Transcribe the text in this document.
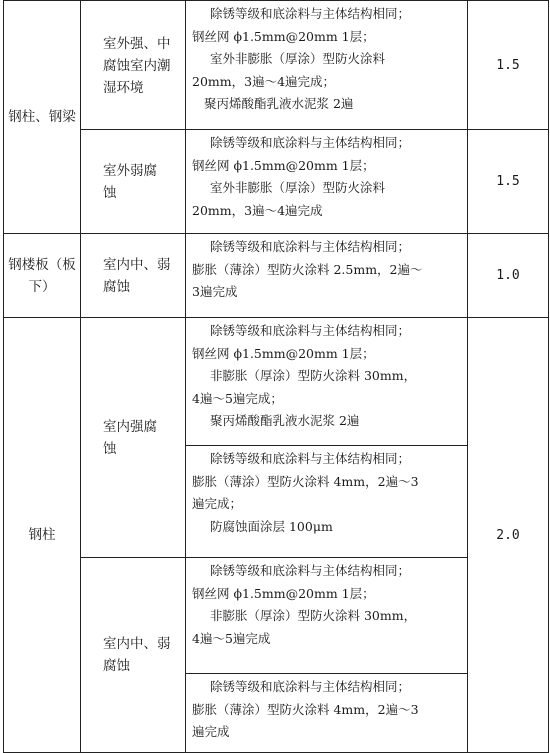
钢柱、钢梁	室外强、中
腐蚀室内潮
湿环境	除锈等级和底涂料与主体结构相同；
钢丝网 ϕ1.5mm@20mm 1层；
室外非膨胀（厚涂）型防火涂料
20mm，3遍～4遍完成；
聚丙烯酸酯乳液水泥浆 2遍	1.5

	室外弱腐
蚀	除锈等级和底涂料与主体结构相同；
钢丝网 ϕ1.5mm@20mm 1层；
室外非膨胀（厚涂）型防火涂料
20mm，3遍～4遍完成	1.5
钢楼板（板下）	室内中、弱
腐蚀	除锈等级和底涂料与主体结构相同；
膨胀（薄涂）型防火涂料 2.5mm，2遍～
3遍完成	1.0
钢柱	室内强腐
蚀	除锈等级和底涂料与主体结构相同；
钢丝网 ϕ1.5mm@20mm 1层；
非膨胀（厚涂）型防火涂料 30mm，
4遍～5遍完成；
聚丙烯酸酯乳液水泥浆 2遍	2.0

		除锈等级和底涂料与主体结构相同；
膨胀（薄涂）型防火涂料 4mm，2遍～3
遍完成；
防腐蚀面涂层 100μm	

	室内中、弱
腐蚀	除锈等级和底涂料与主体结构相同；
钢丝网 ϕ1.5mm@20mm 1层；
非膨胀（厚涂）型防火涂料 30mm，
4遍～5遍完成	

		除锈等级和底涂料与主体结构相同；
膨胀（薄涂）型防火涂料 4mm，2遍～3
遍完成	
